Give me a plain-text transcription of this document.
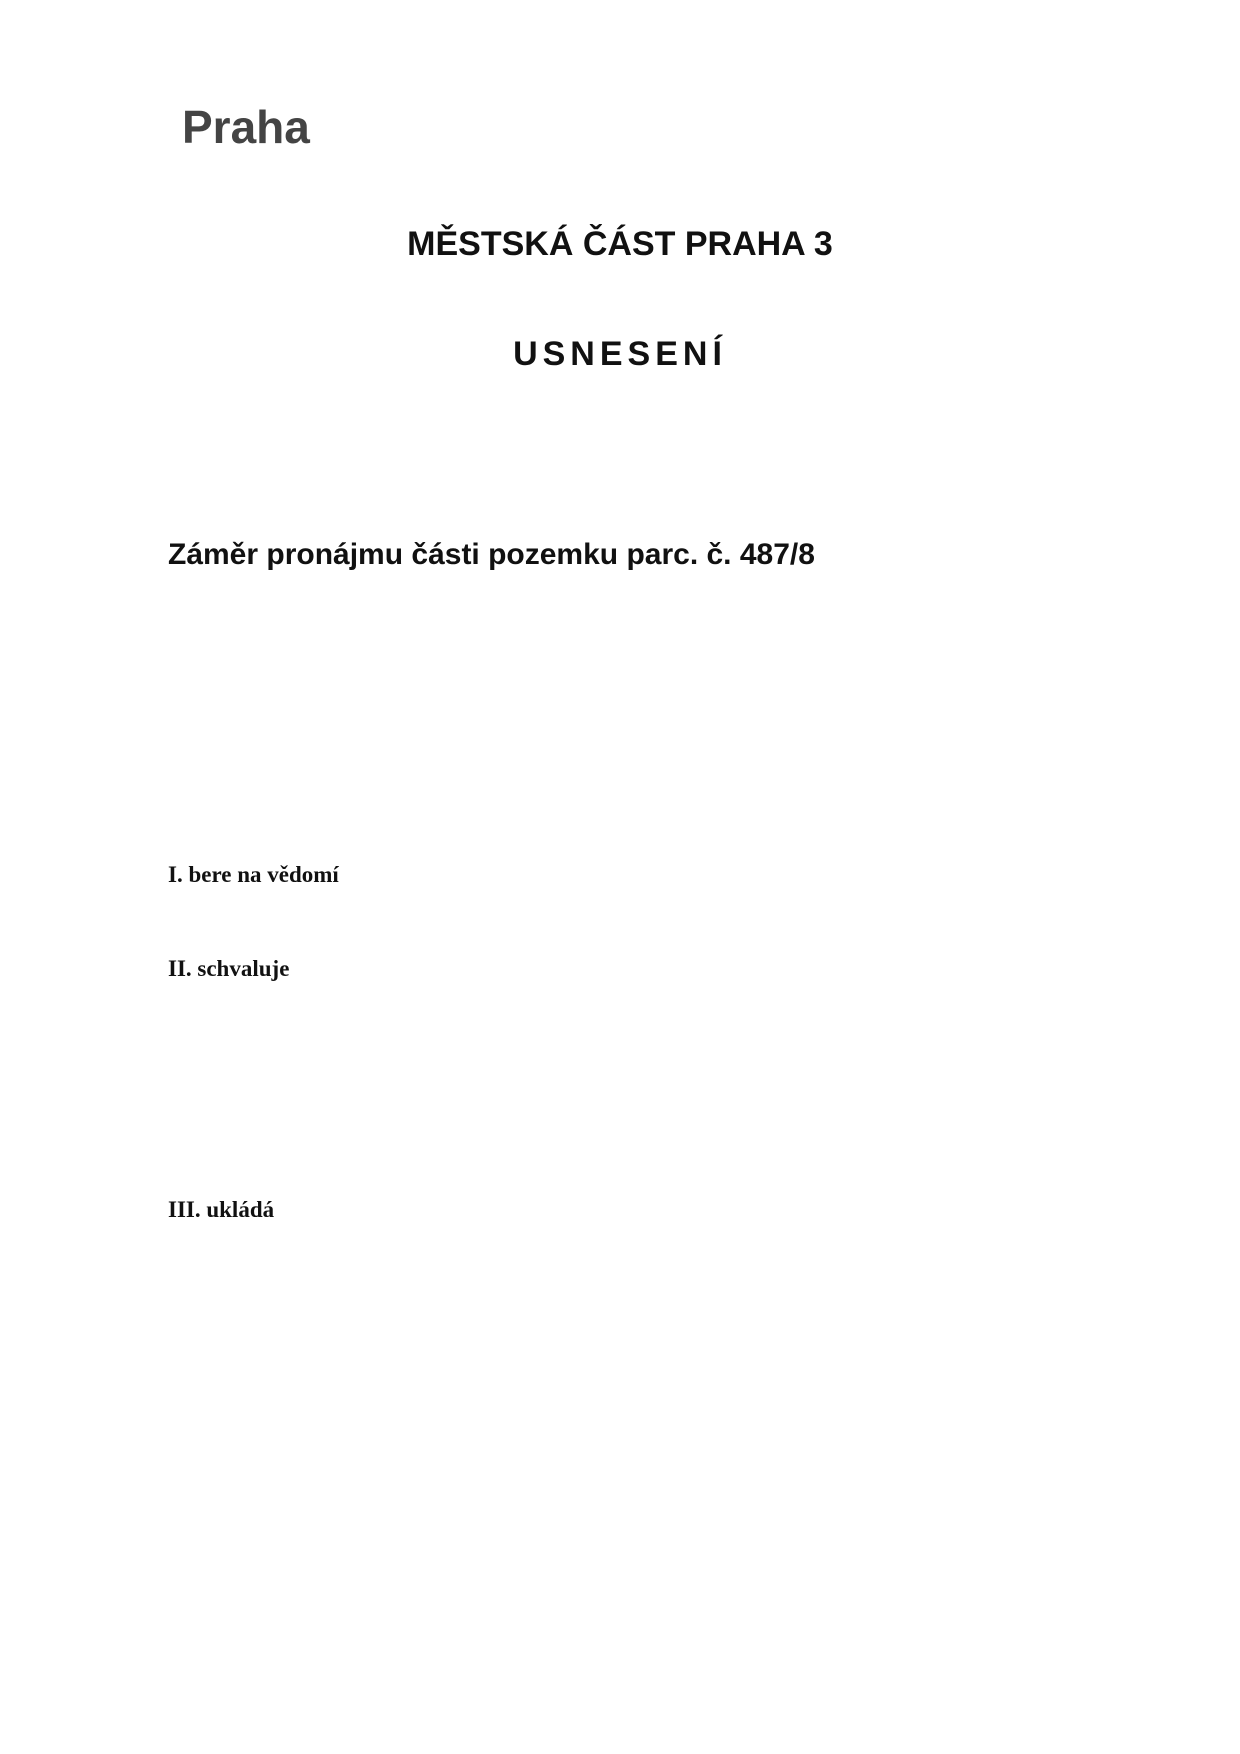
Praha
MĚSTSKÁ ČÁST PRAHA 3
USNESENÍ
Záměr pronájmu části pozemku parc. č. 487/8
I. bere na vědomí
II. schvaluje
III. ukládá
